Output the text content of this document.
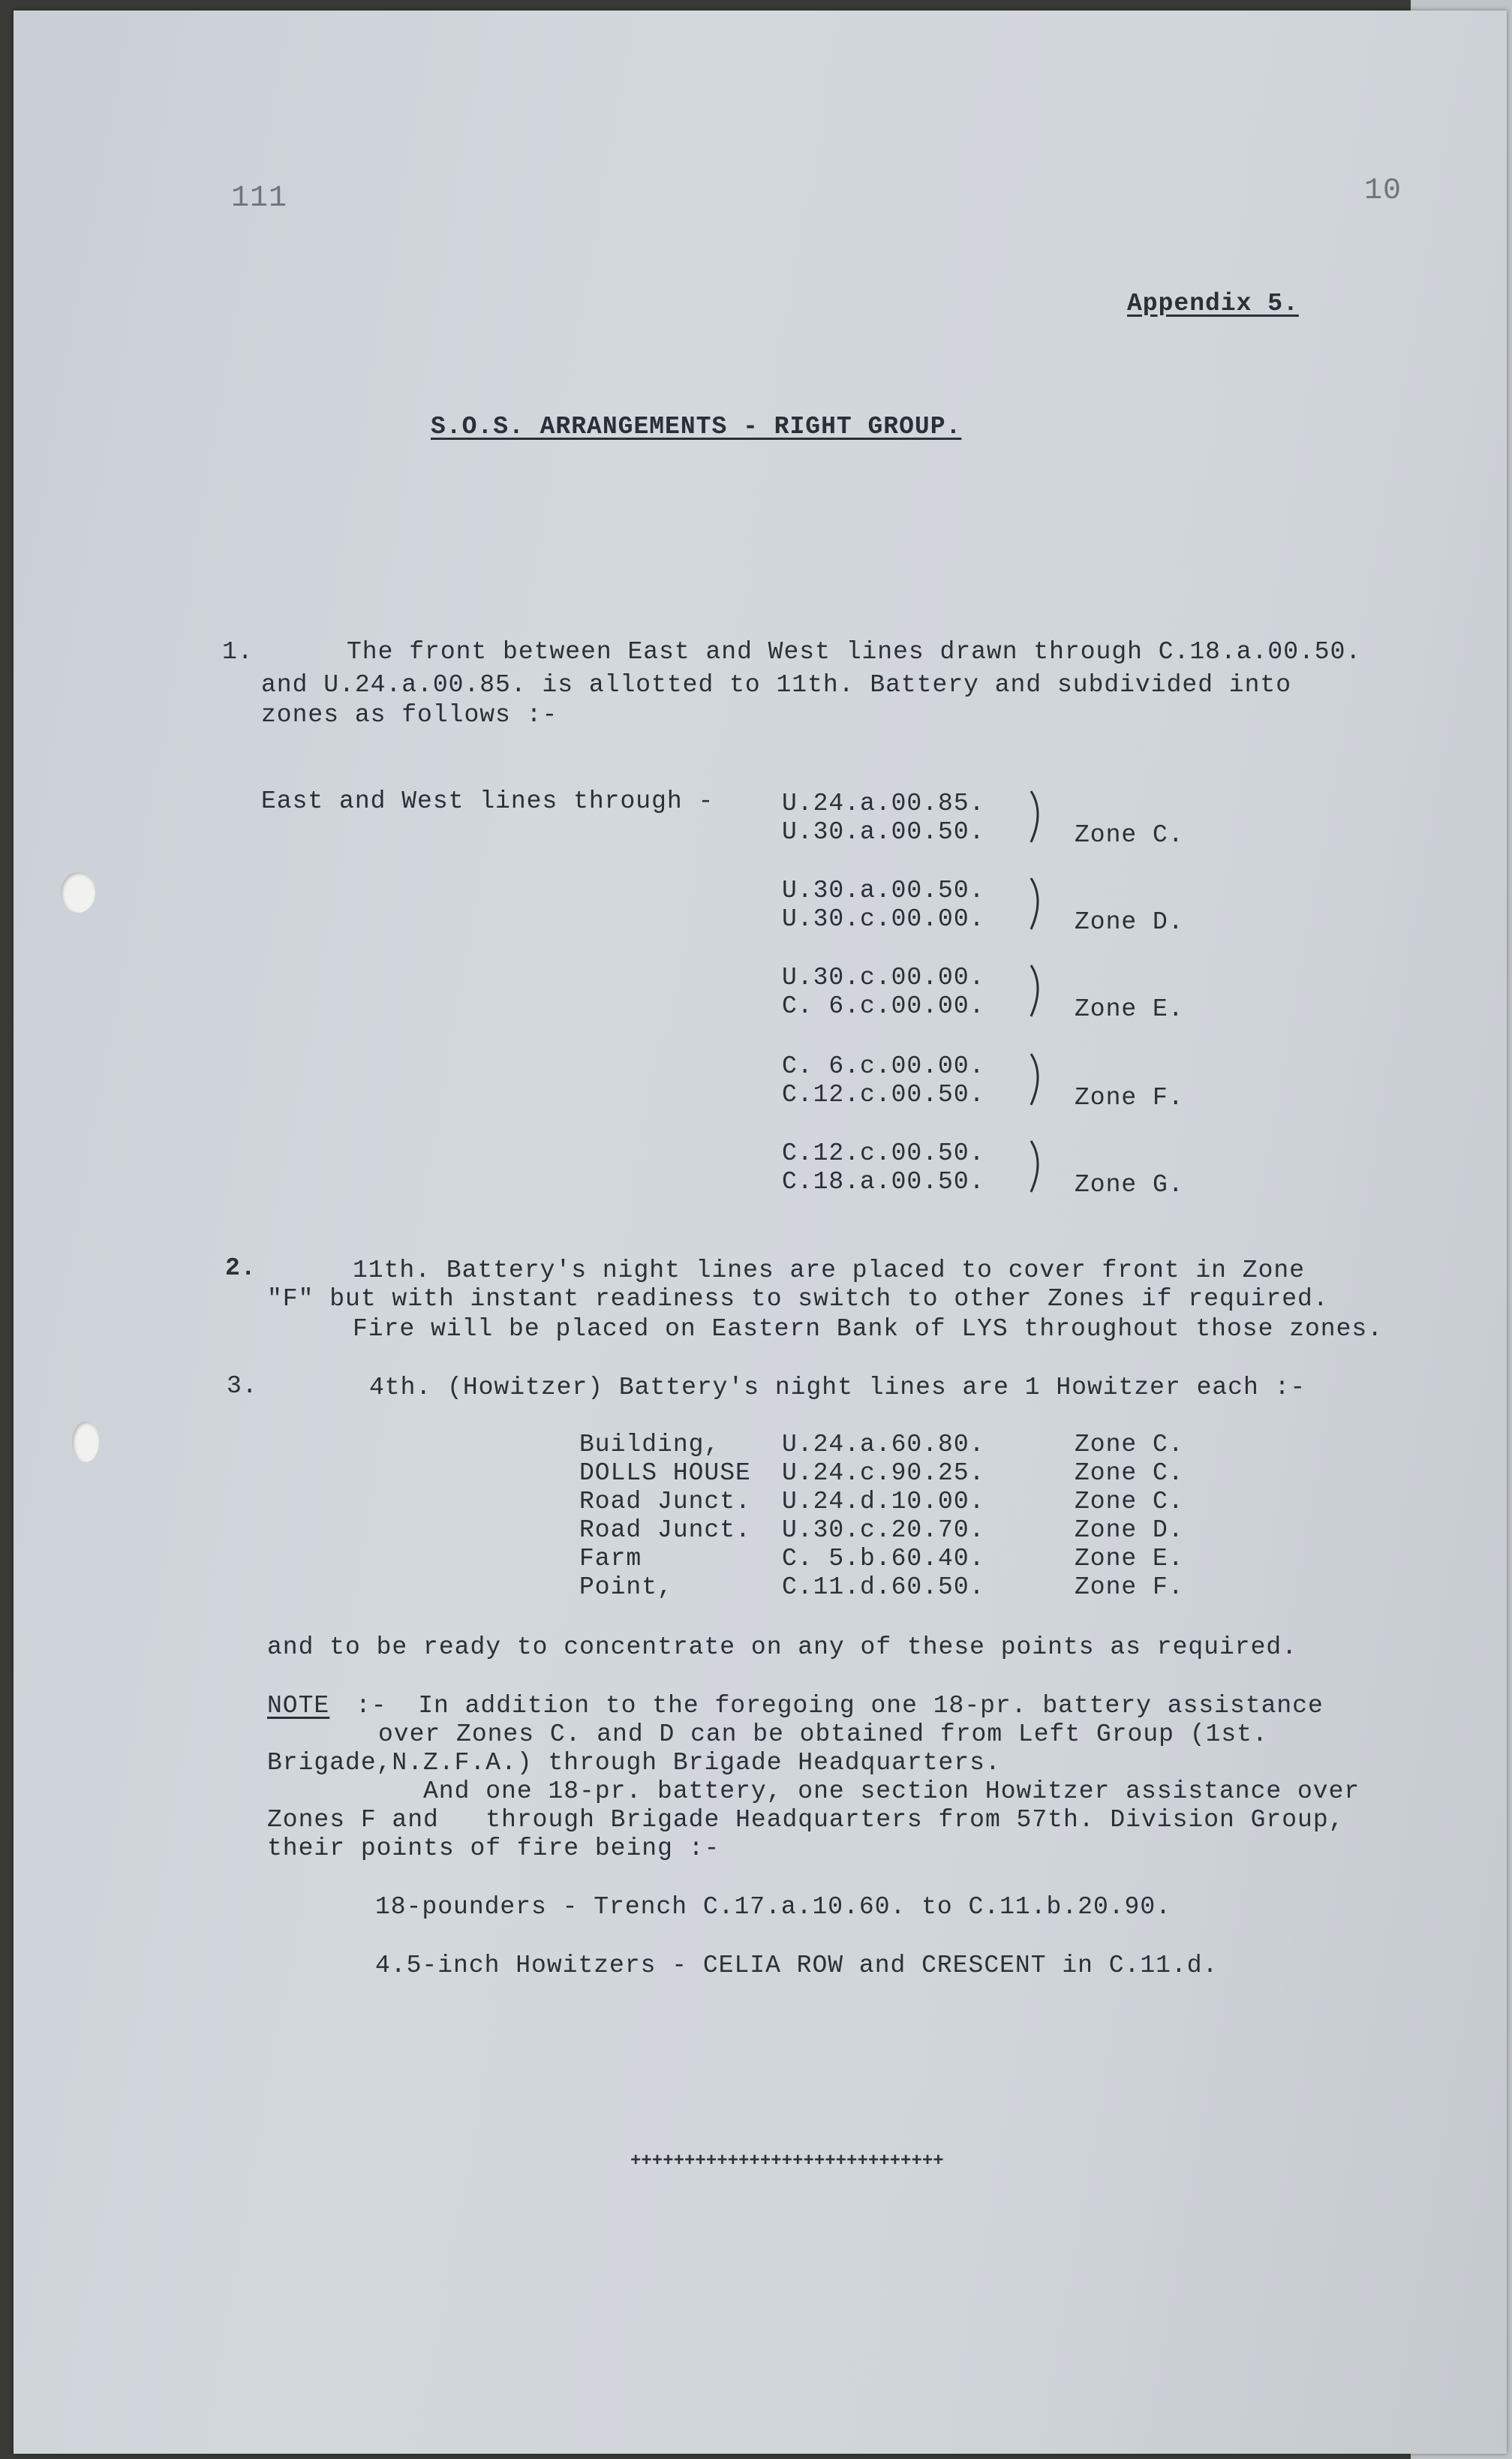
111	10
Appendix 5.
S.O.S. ARRANGEMENTS - RIGHT GROUP.
1.	The front between East and West lines drawn through C.18.a.00.50.
and U.24.a.00.85. is allotted to 11th. Battery and subdivided into
zones as follows :-
East and West lines through -	U.24.a.00.85.
U.30.a.00.50.	Zone C.
U.30.a.00.50.
U.30.c.00.00.	Zone D.
U.30.c.00.00.
C. 6.c.00.00.	Zone E.
C. 6.c.00.00.
C.12.c.00.50.	Zone F.
C.12.c.00.50.
C.18.a.00.50.	Zone G.
2.	11th. Battery's night lines are placed to cover front in Zone
"F" but with instant readiness to switch to other Zones if required.
Fire will be placed on Eastern Bank of LYS throughout those zones.
3.	4th. (Howitzer) Battery's night lines are 1 Howitzer each :-
Building,	U.24.a.60.80.	Zone C.
DOLLS HOUSE U.24.c.90.25.	Zone C.
Road Junct. U.24.d.10.00.	Zone C.
Road Junct. U.30.c.20.70.	Zone D.
Farm	C. 5.b.60.40.	Zone E.
Point,	C.11.d.60.50.	Zone F.
and to be ready to concentrate on any of these points as required.
NOTE :-  In addition to the foregoing one 18-pr. battery assistance
over Zones C. and D can be obtained from Left Group (1st.
Brigade,N.Z.F.A.) through Brigade Headquarters.
And one 18-pr. battery, one section Howitzer assistance over
Zones F and   through Brigade Headquarters from 57th. Division Group,
their points of fire being :-
18-pounders - Trench C.17.a.10.60. to C.11.b.20.90.
4.5-inch Howitzers - CELIA ROW and CRESCENT in C.11.d.
+++++++++++++++++++++++++++++
